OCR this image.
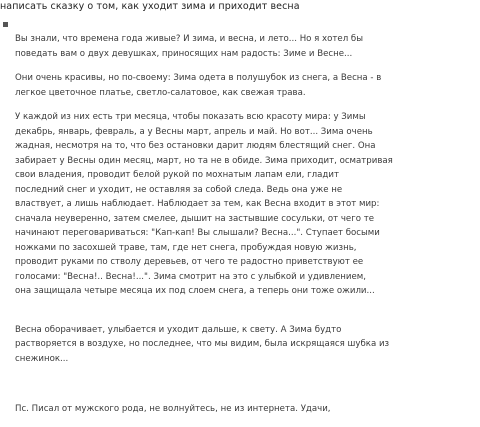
написать сказку о том, как уходит зима и приходит весна

Вы знали, что времена года живые? И зима, и весна, и лето... Но я хотел бы
поведать вам о двух девушках, приносящих нам радость: Зиме и Весне...

Они очень красивы, но по-своему: Зима одета в полушубок из снега, а Весна - в
легкое цветочное платье, светло-салатовое, как свежая трава.

У каждой из них есть три месяца, чтобы показать всю красоту мира: у Зимы
декабрь, январь, февраль, а у Весны март, апрель и май. Но вот... Зима очень
жадная, несмотря на то, что без остановки дарит людям блестящий снег. Она
забирает у Весны один месяц, март, но та не в обиде. Зима приходит, осматривая
свои владения, проводит белой рукой по мохнатым лапам ели, гладит
последний снег и уходит, не оставляя за собой следа. Ведь она уже не
властвует, а лишь наблюдает. Наблюдает за тем, как Весна входит в этот мир:
сначала неуверенно, затем смелее, дышит на застывшие сосульки, от чего те
начинают переговариваться: "Кап-кап! Вы слышали? Весна...". Ступает босыми
ножками по засохшей траве, там, где нет снега, пробуждая новую жизнь,
проводит руками по стволу деревьев, от чего те радостно приветствуют ее
голосами: "Весна!.. Весна!...". Зима смотрит на это с улыбкой и удивлением,
она защищала четыре месяца их под слоем снега, а теперь они тоже ожили...

Весна оборачивает, улыбается и уходит дальше, к свету. А Зима будто
растворяется в воздухе, но последнее, что мы видим, была искрящаяся шубка из
снежинок...

Пс. Писал от мужского рода, не волнуйтесь, не из интернета. Удачи,
